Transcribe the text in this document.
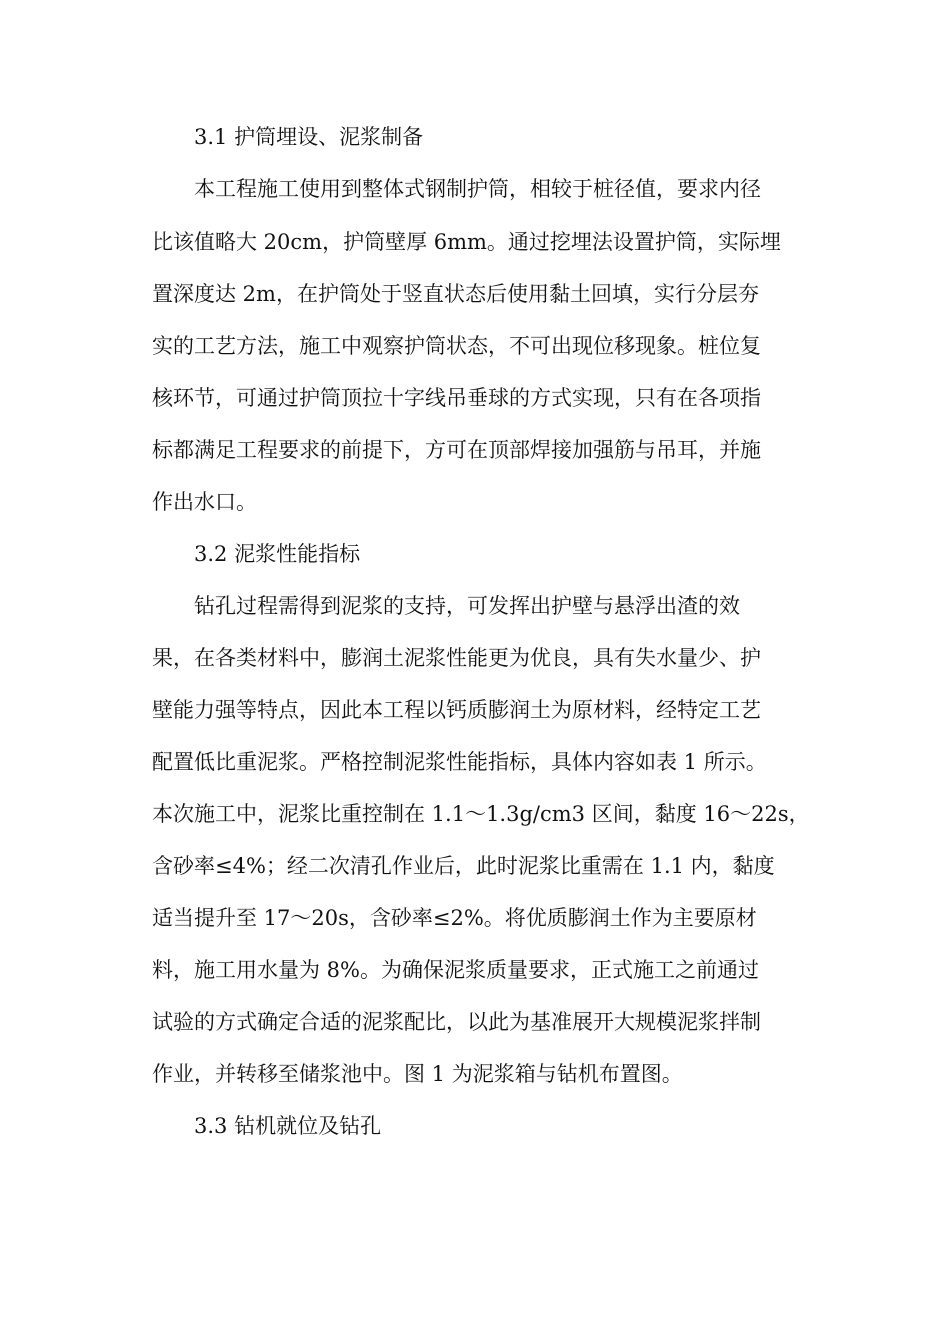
3.1 护筒埋设、泥浆制备
本工程施工使用到整体式钢制护筒，相较于桩径值，要求内径
比该值略大 20cm，护筒壁厚 6mm。通过挖埋法设置护筒，实际埋
置深度达 2m，在护筒处于竖直状态后使用黏土回填，实行分层夯
实的工艺方法，施工中观察护筒状态，不可出现位移现象。桩位复
核环节，可通过护筒顶拉十字线吊垂球的方式实现，只有在各项指
标都满足工程要求的前提下，方可在顶部焊接加强筋与吊耳，并施
作出水口。
3.2 泥浆性能指标
钻孔过程需得到泥浆的支持，可发挥出护壁与悬浮出渣的效
果，在各类材料中，膨润土泥浆性能更为优良，具有失水量少、护
壁能力强等特点，因此本工程以钙质膨润土为原材料，经特定工艺
配置低比重泥浆。严格控制泥浆性能指标，具体内容如表 1 所示。
本次施工中，泥浆比重控制在 1.1～1.3g/cm3 区间，黏度 16～22s，
含砂率≤4%；经二次清孔作业后，此时泥浆比重需在 1.1 内，黏度
适当提升至 17～20s，含砂率≤2%。将优质膨润土作为主要原材
料，施工用水量为 8%。为确保泥浆质量要求，正式施工之前通过
试验的方式确定合适的泥浆配比，以此为基准展开大规模泥浆拌制
作业，并转移至储浆池中。图 1 为泥浆箱与钻机布置图。
3.3 钻机就位及钻孔
